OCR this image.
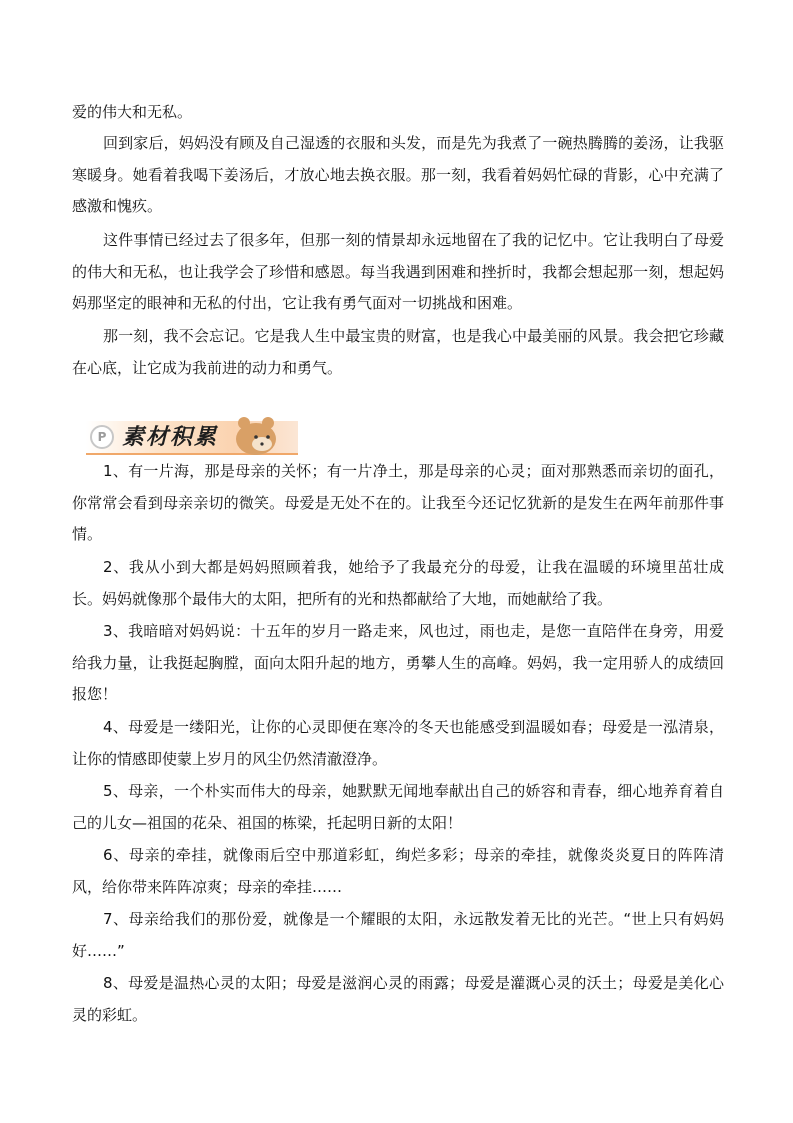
爱的伟大和无私。

回到家后，妈妈没有顾及自己湿透的衣服和头发，而是先为我煮了一碗热腾腾的姜汤，让我驱寒暖身。她看着我喝下姜汤后，才放心地去换衣服。那一刻，我看着妈妈忙碌的背影，心中充满了感激和愧疚。

这件事情已经过去了很多年，但那一刻的情景却永远地留在了我的记忆中。它让我明白了母爱的伟大和无私，也让我学会了珍惜和感恩。每当我遇到困难和挫折时，我都会想起那一刻，想起妈妈那坚定的眼神和无私的付出，它让我有勇气面对一切挑战和困难。

那一刻，我不会忘记。它是我人生中最宝贵的财富，也是我心中最美丽的风景。我会把它珍藏在心底，让它成为我前进的动力和勇气。

P 素材积累

1、有一片海，那是母亲的关怀；有一片净土，那是母亲的心灵；面对那熟悉而亲切的面孔，你常常会看到母亲亲切的微笑。母爱是无处不在的。让我至今还记忆犹新的是发生在两年前那件事情。

2、我从小到大都是妈妈照顾着我，她给予了我最充分的母爱，让我在温暖的环境里茁壮成长。妈妈就像那个最伟大的太阳，把所有的光和热都献给了大地，而她献给了我。

3、我暗暗对妈妈说：十五年的岁月一路走来，风也过，雨也走，是您一直陪伴在身旁，用爱给我力量，让我挺起胸膛，面向太阳升起的地方，勇攀人生的高峰。妈妈，我一定用骄人的成绩回报您！

4、母爱是一缕阳光，让你的心灵即便在寒冷的冬天也能感受到温暖如春；母爱是一泓清泉，让你的情感即使蒙上岁月的风尘仍然清澈澄净。

5、母亲，一个朴实而伟大的母亲，她默默无闻地奉献出自己的娇容和青春，细心地养育着自己的儿女—祖国的花朵、祖国的栋梁，托起明日新的太阳！

6、母亲的牵挂，就像雨后空中那道彩虹，绚烂多彩；母亲的牵挂，就像炎炎夏日的阵阵清风，给你带来阵阵凉爽；母亲的牵挂……

7、母亲给我们的那份爱，就像是一个耀眼的太阳，永远散发着无比的光芒。“世上只有妈妈好……”

8、母爱是温热心灵的太阳；母爱是滋润心灵的雨露；母爱是灌溉心灵的沃土；母爱是美化心灵的彩虹。
